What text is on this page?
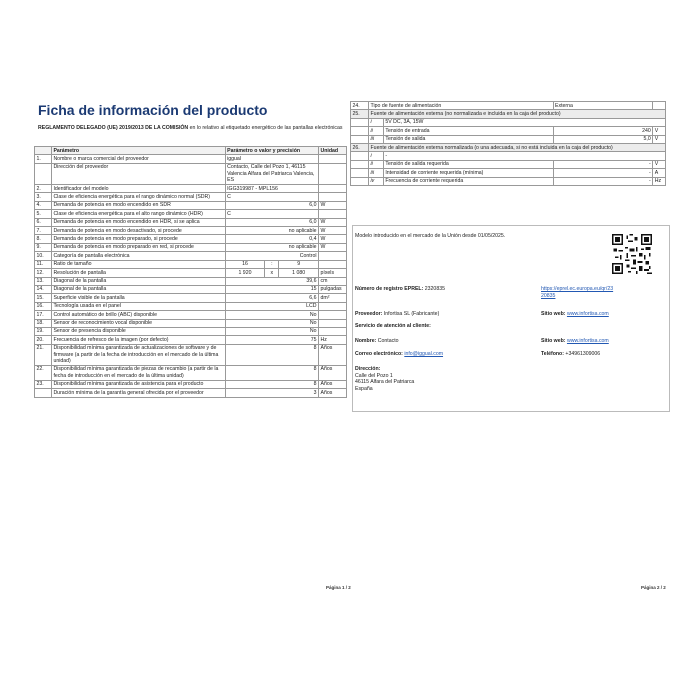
Ficha de información del producto
REGLAMENTO DELEGADO (UE) 2019/2013 DE LA COMISIÓN en lo relativo al etiquetado energético de las pantallas electrónicas
	Parámetro	Parámetro o valor y precisión			Unidad
1.	Nombre o marca comercial del proveedor	iggual			
	Dirección del proveedor	Contacto, Calle del Pozo 1, 46115 Valencia Alfara del Patriarca Valencia, ES			
2.	Identificador del modelo	IGG319987 - MPL156			
3.	Clase de eficiencia energética para el rango dinámico normal (SDR)	C			
4.	Demanda de potencia en modo encendido en SDR	6,0			W
5.	Clase de eficiencia energética para el alto rango dinámico (HDR)	C			
6.	Demanda de potencia en modo encendido en HDR, si se aplica	6,0			W
7.	Demanda de potencia en modo desactivado, si procede	no aplicable			W
8.	Demanda de potencia en modo preparado, si procede	0,4			W
9.	Demanda de potencia en modo preparado en red, si procede	no aplicable			W
10.	Categoría de pantalla electrónica	Control			
11.	Ratio de tamaño	16	:	9	
12.	Resolución de pantalla	1 920	x	1 080	píxels
13.	Diagonal de la pantalla	39,6			cm
14.	Diagonal de la pantalla	15			pulgadas
15.	Superficie visible de la pantalla	6,6			dm²
16.	Tecnología usada en el panel	LCD			
17.	Control automático de brillo (ABC) disponible	No			
18.	Sensor de reconocimiento vocal disponible	No			
19.	Sensor de presencia disponible	No			
20.	Frecuencia de refresco de la imagen (por defecto)	75			Hz
21.	Disponibilidad mínima garantizada de actualizaciones de software y de firmware (a partir de la fecha de introducción en el mercado de la última unidad)	8			Años
22.	Disponibilidad mínima garantizada de piezas de recambio (a partir de la fecha de introducción en el mercado de la última unidad)	8			Años
23.	Disponibilidad mínima garantizada de asistencia para el producto	8			Años
	Duración mínima de la garantía general ofrecida por el proveedor	3			Años
Página 1 / 2
24.	Tipo de fuente de alimentación		Externa	
25.	Fuente de alimentación externa (no normalizada e incluida en la caja del producto)			
	i	5V DC, 3A, 15W		
	ii	Tensión de entrada	240	V
	iii	Tensión de salida	5,0	V
26.	Fuente de alimentación externa normalizada (o una adecuada, si no está incluida en la caja del producto)			
	i	-		
	ii	Tensión de salida requerida	-	V
	iii	Intensidad de corriente requerida (mínima)	-	A
	iv	Frecuencia de corriente requerida	-	Hz
Modelo introducido en el mercado de la Unión desde 01/05/2025.
Número de registro EPREL: 2320835	https://eprel.ec.europa.eu/qr/23
20835
Proveedor: Infortisa SL (Fabricante)	Sitio web: www.infortisa.com
Servicio de atención al cliente:
Nombre: Contacto	Sitio web: www.infortisa.com
Correo electrónico: info@iggual.com	Teléfono: +34961309006
Dirección:
Calle del Pozo 1
46115 Alfara del Patriarca
España
Página 2 / 2
